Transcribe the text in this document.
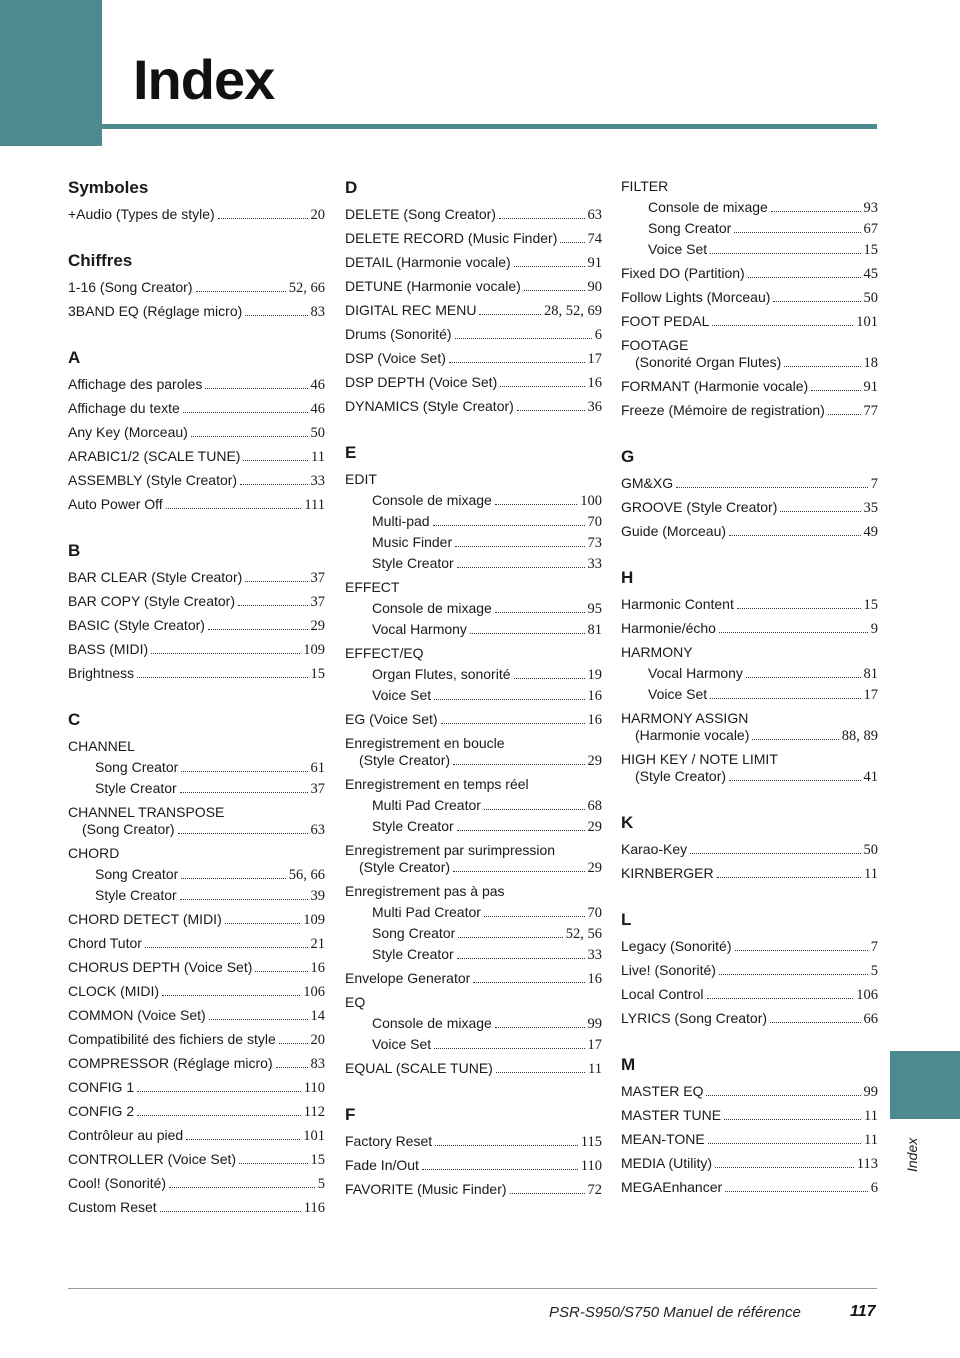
Index
Symboles
+Audio (Types de style)	20
Chiffres
1-16 (Song Creator)	52, 66
3BAND EQ (Réglage micro)	83
A
Affichage des paroles	46
Affichage du texte	46
Any Key (Morceau)	50
ARABIC1/2 (SCALE TUNE)	11
ASSEMBLY (Style Creator)	33
Auto Power Off	111
B
BAR CLEAR (Style Creator)	37
BAR COPY (Style Creator)	37
BASIC (Style Creator)	29
BASS (MIDI)	109
Brightness	15
C
CHANNEL
Song Creator	61
Style Creator	37
CHANNEL TRANSPOSE
(Song Creator)	63
CHORD
Song Creator	56, 66
Style Creator	39
CHORD DETECT (MIDI)	109
Chord Tutor	21
CHORUS DEPTH (Voice Set)	16
CLOCK (MIDI)	106
COMMON (Voice Set)	14
Compatibilité des fichiers de style 20
COMPRESSOR (Réglage micro)	83
CONFIG 1	110
CONFIG 2	112
Contrôleur au pied	101
CONTROLLER (Voice Set)	15
Cool! (Sonorité)	5
Custom Reset	116
D
DELETE (Song Creator)	63
DELETE RECORD (Music Finder) 74
DETAIL (Harmonie vocale)	91
DETUNE (Harmonie vocale)	90
DIGITAL REC MENU	28, 52, 69
Drums (Sonorité)	6
DSP (Voice Set)	17
DSP DEPTH (Voice Set)	16
DYNAMICS (Style Creator)	36
E
EDIT
Console de mixage	100
Multi-pad	70
Music Finder	73
Style Creator	33
EFFECT
Console de mixage	95
Vocal Harmony	81
EFFECT/EQ
Organ Flutes, sonorité	19
Voice Set	16
EG (Voice Set)	16
Enregistrement en boucle
(Style Creator)	29
Enregistrement en temps réel
Multi Pad Creator	68
Style Creator	29
Enregistrement par surimpression
(Style Creator)	29
Enregistrement pas à pas
Multi Pad Creator	70
Song Creator	52, 56
Style Creator	33
Envelope Generator	16
EQ
Console de mixage	99
Voice Set	17
EQUAL (SCALE TUNE)	11
F
Factory Reset	115
Fade In/Out	110
FAVORITE (Music Finder)	72
FILTER
Console de mixage	93
Song Creator	67
Voice Set	15
Fixed DO (Partition)	45
Follow Lights (Morceau)	50
FOOT PEDAL	101
FOOTAGE
(Sonorité Organ Flutes)	18
FORMANT (Harmonie vocale)	91
Freeze (Mémoire de registration)	77
G
GM&XG	7
GROOVE (Style Creator)	35
Guide (Morceau)	49
H
Harmonic Content	15
Harmonie/écho	9
HARMONY
Vocal Harmony	81
Voice Set	17
HARMONY ASSIGN
(Harmonie vocale)	88, 89
HIGH KEY / NOTE LIMIT
(Style Creator)	41
K
Karao-Key	50
KIRNBERGER	11
L
Legacy (Sonorité)	7
Live! (Sonorité)	5
Local Control	106
LYRICS (Song Creator)	66
M
MASTER EQ	99
MASTER TUNE	11
MEAN-TONE	11
MEDIA (Utility)	113
MEGAEnhancer	6
Index
PSR-S950/S750 Manuel de référence	117
